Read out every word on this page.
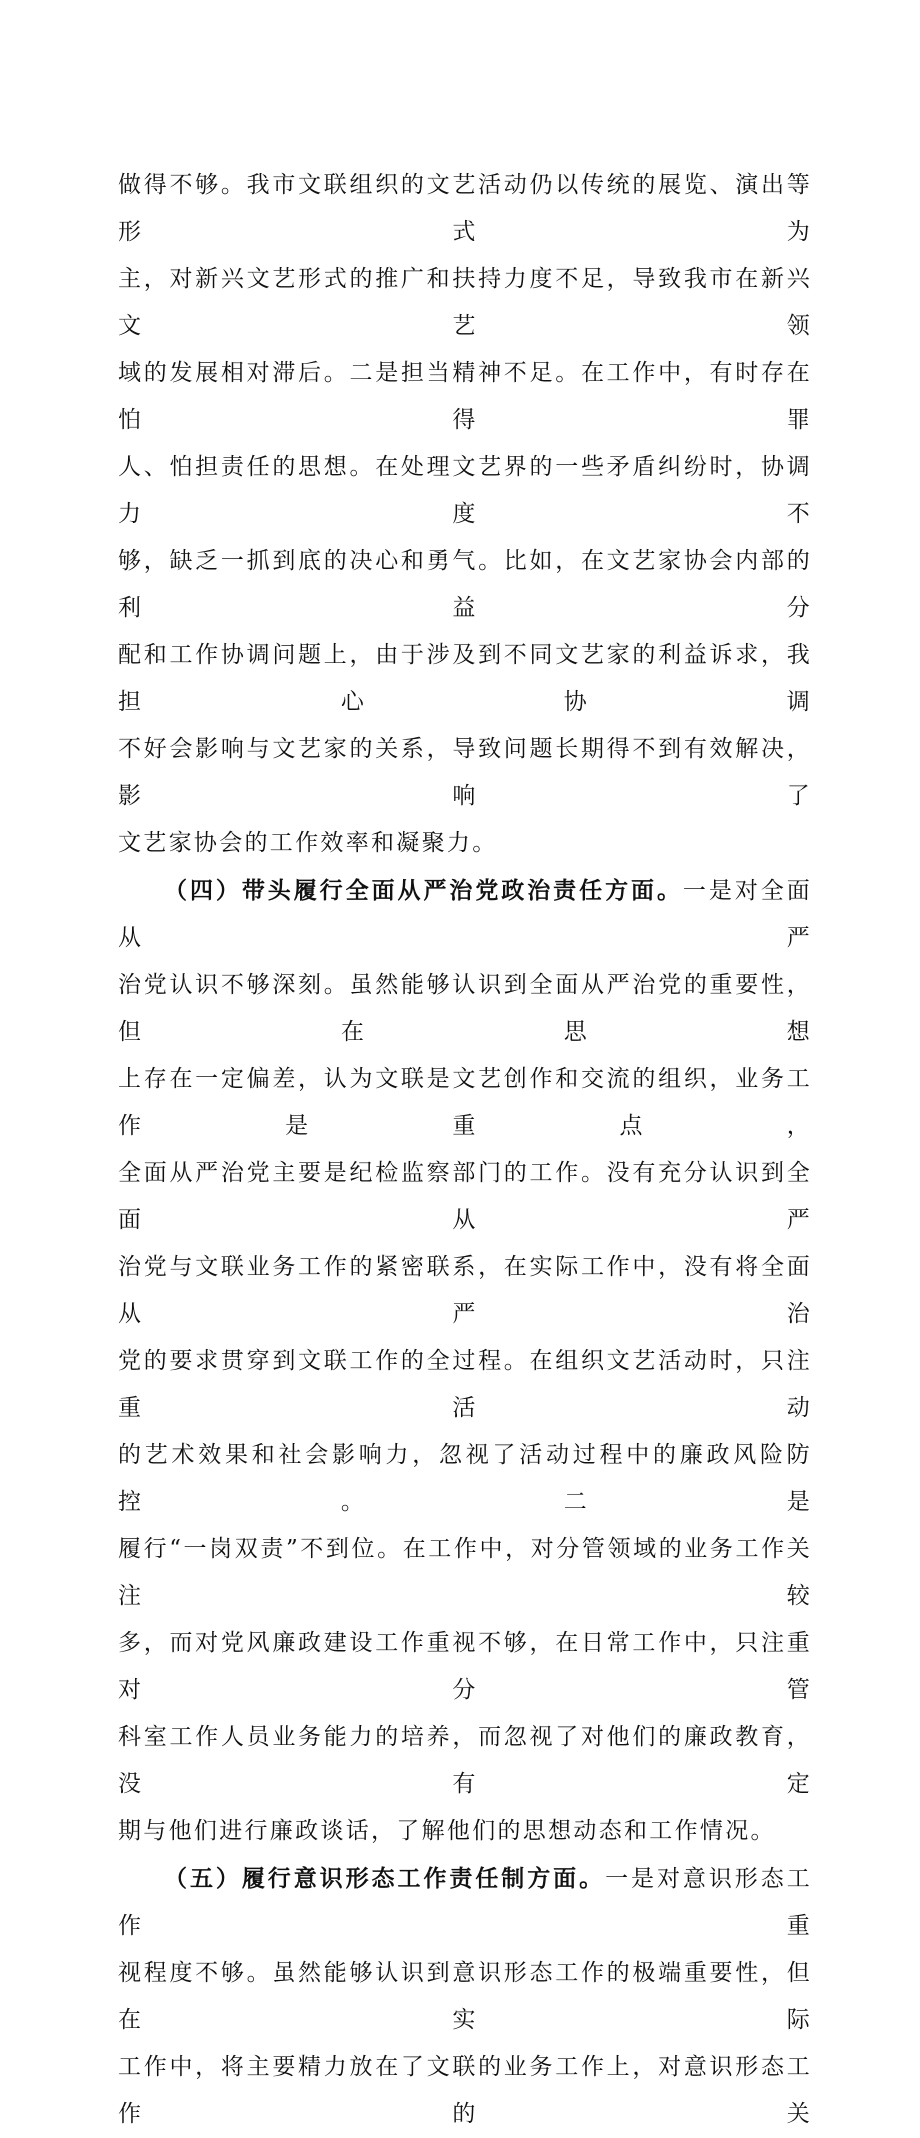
做得不够。我市文联组织的文艺活动仍以传统的展览、演出等形式为

主，对新兴文艺形式的推广和扶持力度不足，导致我市在新兴文艺领

域的发展相对滞后。二是担当精神不足。在工作中，有时存在怕得罪

人、怕担责任的思想。在处理文艺界的一些矛盾纠纷时，协调力度不

够，缺乏一抓到底的决心和勇气。比如，在文艺家协会内部的利益分

配和工作协调问题上，由于涉及到不同文艺家的利益诉求，我担心协调

不好会影响与文艺家的关系，导致问题长期得不到有效解决，影响了

文艺家协会的工作效率和凝聚力。

（四）带头履行全面从严治党政治责任方面。一是对全面从严

治党认识不够深刻。虽然能够认识到全面从严治党的重要性，但在思想

上存在一定偏差，认为文联是文艺创作和交流的组织，业务工作是重点，

全面从严治党主要是纪检监察部门的工作。没有充分认识到全面从严

治党与文联业务工作的紧密联系，在实际工作中，没有将全面从严治

党的要求贯穿到文联工作的全过程。在组织文艺活动时，只注重活动

的艺术效果和社会影响力，忽视了活动过程中的廉政风险防控。二是

履行“一岗双责”不到位。在工作中，对分管领域的业务工作关注较

多，而对党风廉政建设工作重视不够，在日常工作中，只注重对分管

科室工作人员业务能力的培养，而忽视了对他们的廉政教育，没有定

期与他们进行廉政谈话，了解他们的思想动态和工作情况。

（五）履行意识形态工作责任制方面。一是对意识形态工作重

视程度不够。虽然能够认识到意识形态工作的极端重要性，但在实际

工作中，将主要精力放在了文联的业务工作上，对意识形态工作的关
